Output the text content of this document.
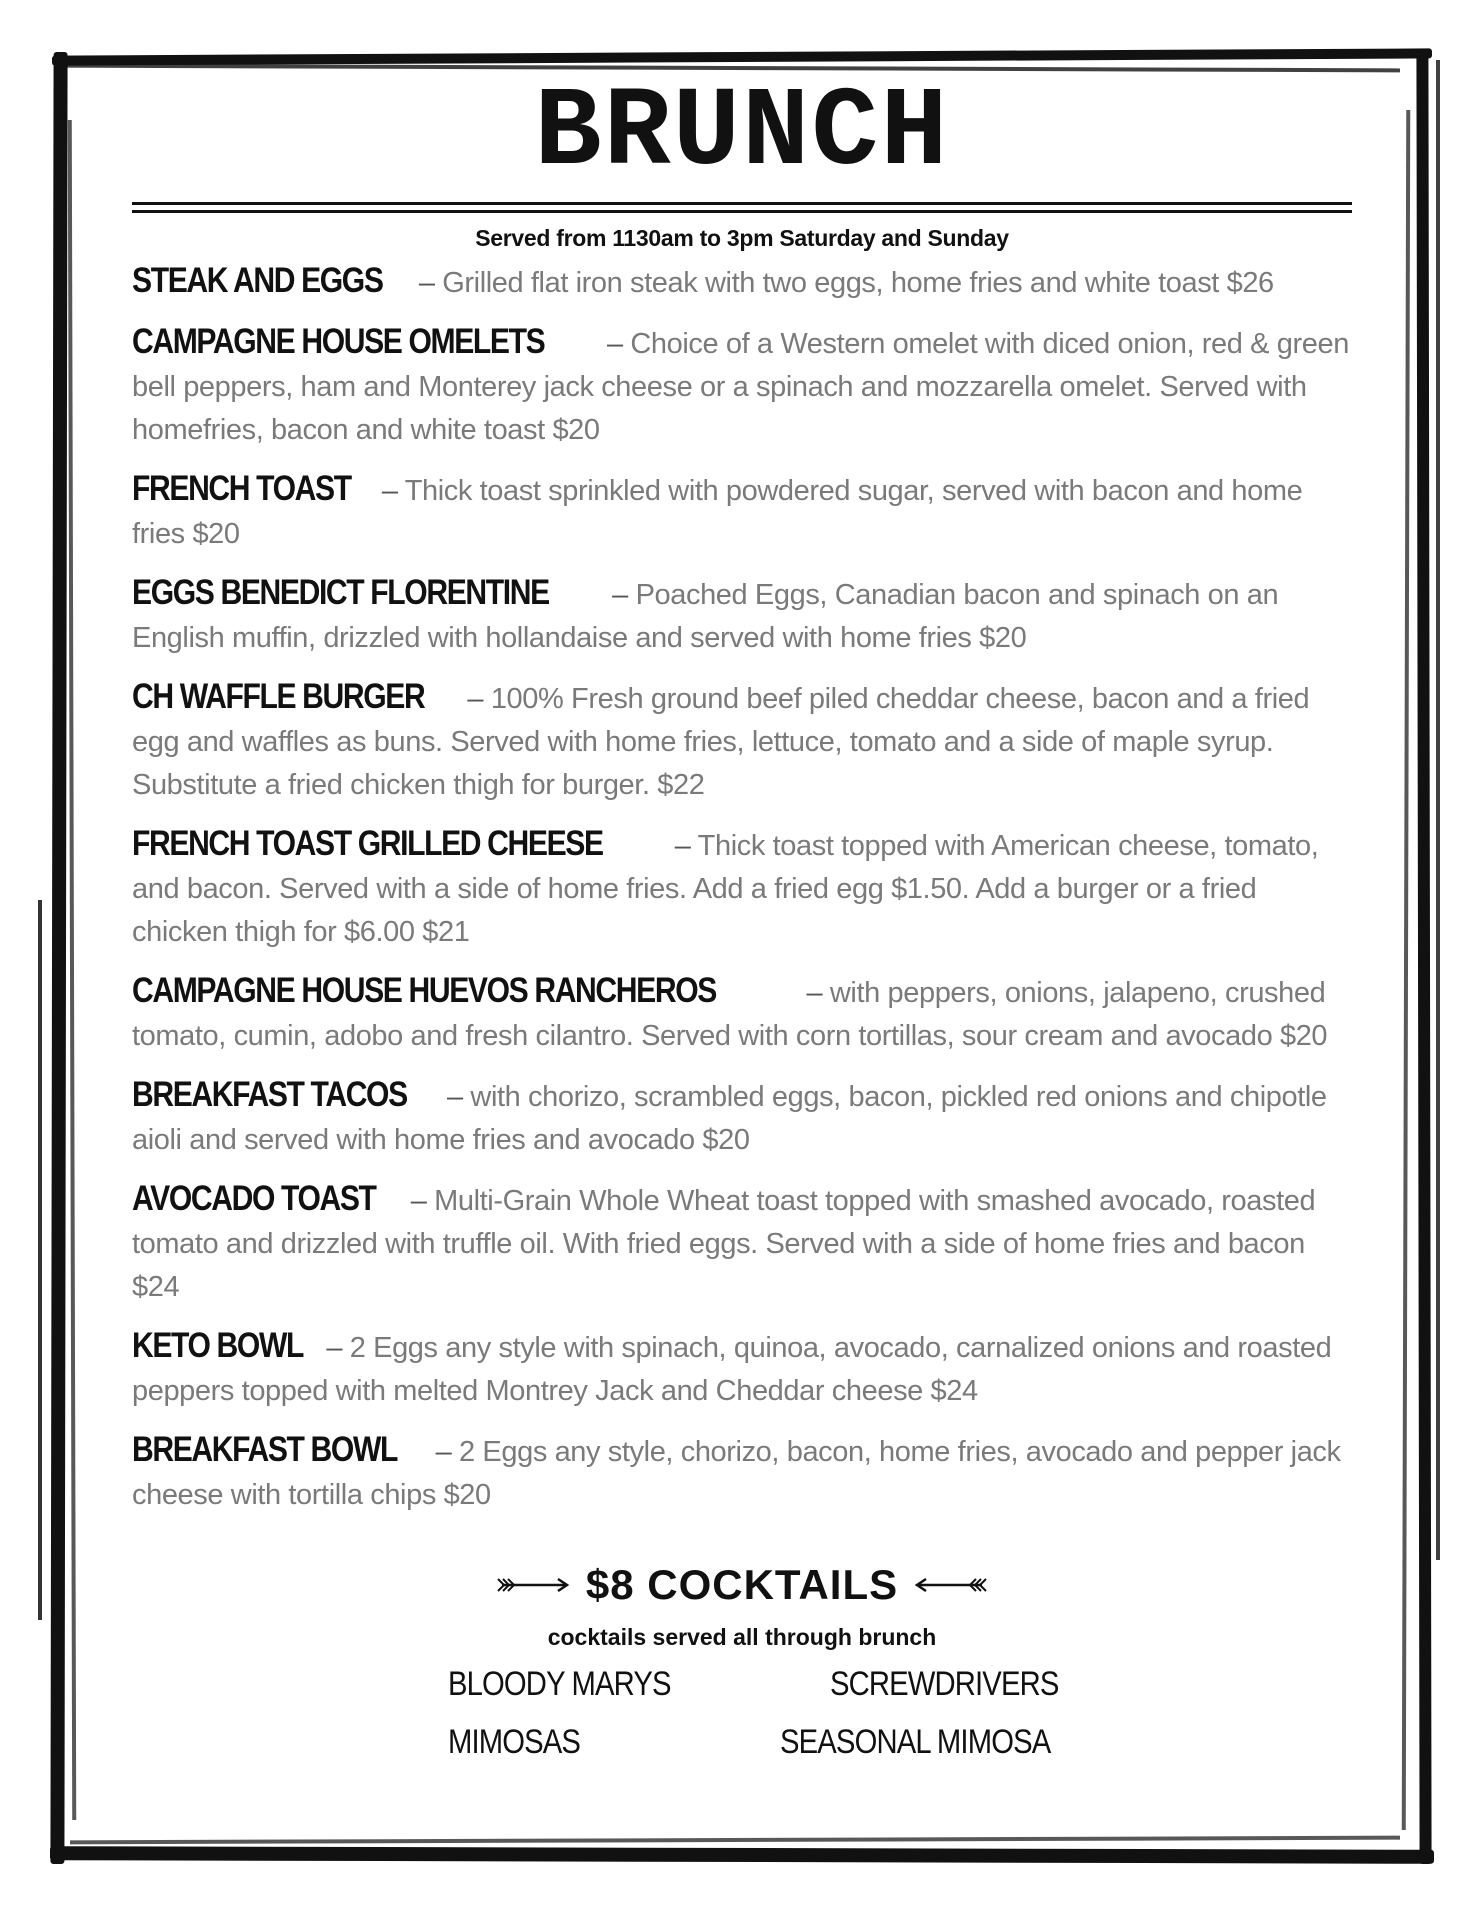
BRUNCH
Served from 1130am to 3pm Saturday and Sunday
STEAK AND EGGS – Grilled flat iron steak with two eggs, home fries and white toast $26
CAMPAGNE HOUSE OMELETS – Choice of a Western omelet with diced onion, red & green bell peppers, ham and Monterey jack cheese or a spinach and mozzarella omelet. Served with homefries, bacon and white toast $20
FRENCH TOAST – Thick toast sprinkled with powdered sugar, served with bacon and home fries $20
EGGS BENEDICT FLORENTINE – Poached Eggs, Canadian bacon and spinach on an English muffin, drizzled with hollandaise and served with home fries $20
CH WAFFLE BURGER – 100% Fresh ground beef piled cheddar cheese, bacon and a fried egg and waffles as buns. Served with home fries, lettuce, tomato and a side of maple syrup. Substitute a fried chicken thigh for burger. $22
FRENCH TOAST GRILLED CHEESE – Thick toast topped with American cheese, tomato, and bacon. Served with a side of home fries. Add a fried egg $1.50. Add a burger or a fried chicken thigh for $6.00 $21
CAMPAGNE HOUSE HUEVOS RANCHEROS	– with peppers, onions, jalapeno, crushed tomato, cumin, adobo and fresh cilantro. Served with corn tortillas, sour cream and avocado $20
BREAKFAST TACOS – with chorizo, scrambled eggs, bacon, pickled red onions and chipotle aioli and served with home fries and avocado $20
AVOCADO TOAST – Multi-Grain Whole Wheat toast topped with smashed avocado, roasted tomato and drizzled with truffle oil. With fried eggs. Served with a side of home fries and bacon $24
KETO BOWL – 2 Eggs any style with spinach, quinoa, avocado, carnalized onions and roasted peppers topped with melted Montrey Jack and Cheddar cheese $24
BREAKFAST BOWL – 2 Eggs any style, chorizo, bacon, home fries, avocado and pepper jack cheese with tortilla chips $20
$8 COCKTAILS
cocktails served all through brunch
BLOODY MARYS	SCREWDRIVERS
MIMOSAS	SEASONAL MIMOSA
